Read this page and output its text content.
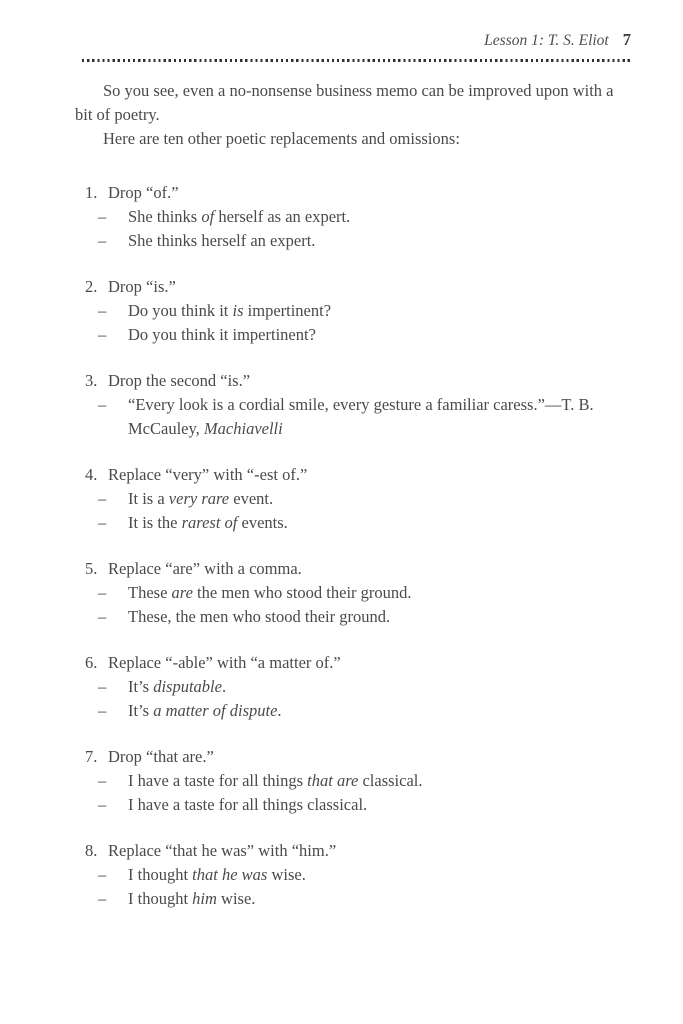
Lesson 1: T. S. Eliot 7

So you see, even a no-nonsense business memo can be improved upon with a
bit of poetry.

Here are ten other poetic replacements and omissions:

1. Drop “of.”
– She thinks of herself as an expert.
– She thinks herself an expert.
2. Drop “is.”
– Do you think it is impertinent?
– Do you think it impertinent?
3. Drop the second “is.”
– “Every look is a cordial smile, every gesture a familiar caress.”—T. B.
McCauley, Machiavelli
4. Replace “very” with “-est of.”
– It is a very rare event.
– It is the rarest of events.
5. Replace “are” with a comma.
– These are the men who stood their ground.
– These, the men who stood their ground.
6. Replace “-able” with “a matter of.”
– It’s disputable.
– It’s a matter of dispute.
7. Drop “that are.”
– I have a taste for all things that are classical.
– I have a taste for all things classical.
8. Replace “that he was” with “him.”
– I thought that he was wise.
– I thought him wise.
